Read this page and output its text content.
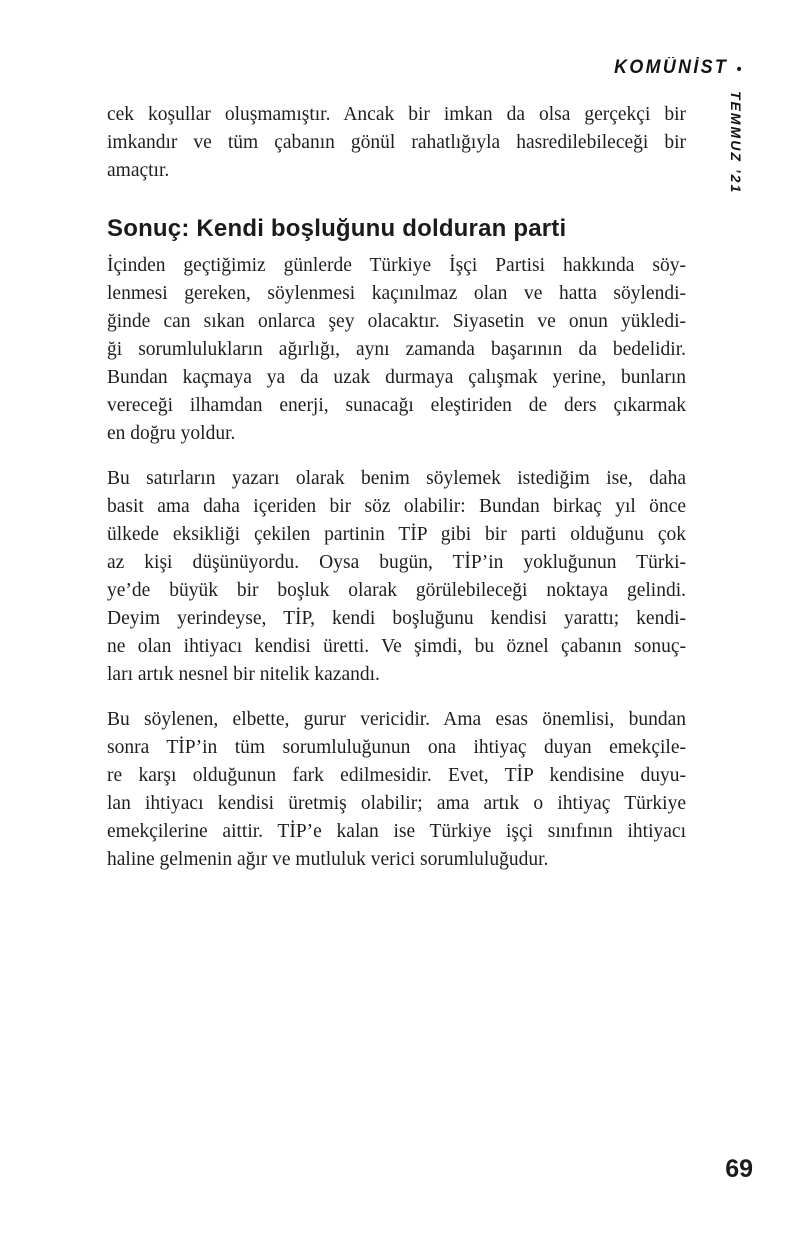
KOMÜNİST •
TEMMUZ ’21
cek koşullar oluşmamıştır. Ancak bir imkan da olsa gerçekçi bir
imkandır ve tüm çabanın gönül rahatlığıyla hasredilebileceği bir
amaçtır.
Sonuç: Kendi boşluğunu dolduran parti
İçinden geçtiğimiz günlerde Türkiye İşçi Partisi hakkında söy-
lenmesi gereken, söylenmesi kaçınılmaz olan ve hatta söylendi-
ğinde can sıkan onlarca şey olacaktır. Siyasetin ve onun yükledi-
ği sorumlulukların ağırlığı, aynı zamanda başarının da bedelidir.
Bundan kaçmaya ya da uzak durmaya çalışmak yerine, bunların
vereceği ilhamdan enerji, sunacağı eleştiriden de ders çıkarmak
en doğru yoldur.
Bu satırların yazarı olarak benim söylemek istediğim ise, daha
basit ama daha içeriden bir söz olabilir: Bundan birkaç yıl önce
ülkede eksikliği çekilen partinin TİP gibi bir parti olduğunu çok
az kişi düşünüyordu. Oysa bugün, TİP’in yokluğunun Türki-
ye’de büyük bir boşluk olarak görülebileceği noktaya gelindi.
Deyim yerindeyse, TİP, kendi boşluğunu kendisi yarattı; kendi-
ne olan ihtiyacı kendisi üretti. Ve şimdi, bu öznel çabanın sonuç-
ları artık nesnel bir nitelik kazandı.
Bu söylenen, elbette, gurur vericidir. Ama esas önemlisi, bundan
sonra TİP’in tüm sorumluluğunun ona ihtiyaç duyan emekçile-
re karşı olduğunun fark edilmesidir. Evet, TİP kendisine duyu-
lan ihtiyacı kendisi üretmiş olabilir; ama artık o ihtiyaç Türkiye
emekçilerine aittir. TİP’e kalan ise Türkiye işçi sınıfının ihtiyacı
haline gelmenin ağır ve mutluluk verici sorumluluğudur.
69
